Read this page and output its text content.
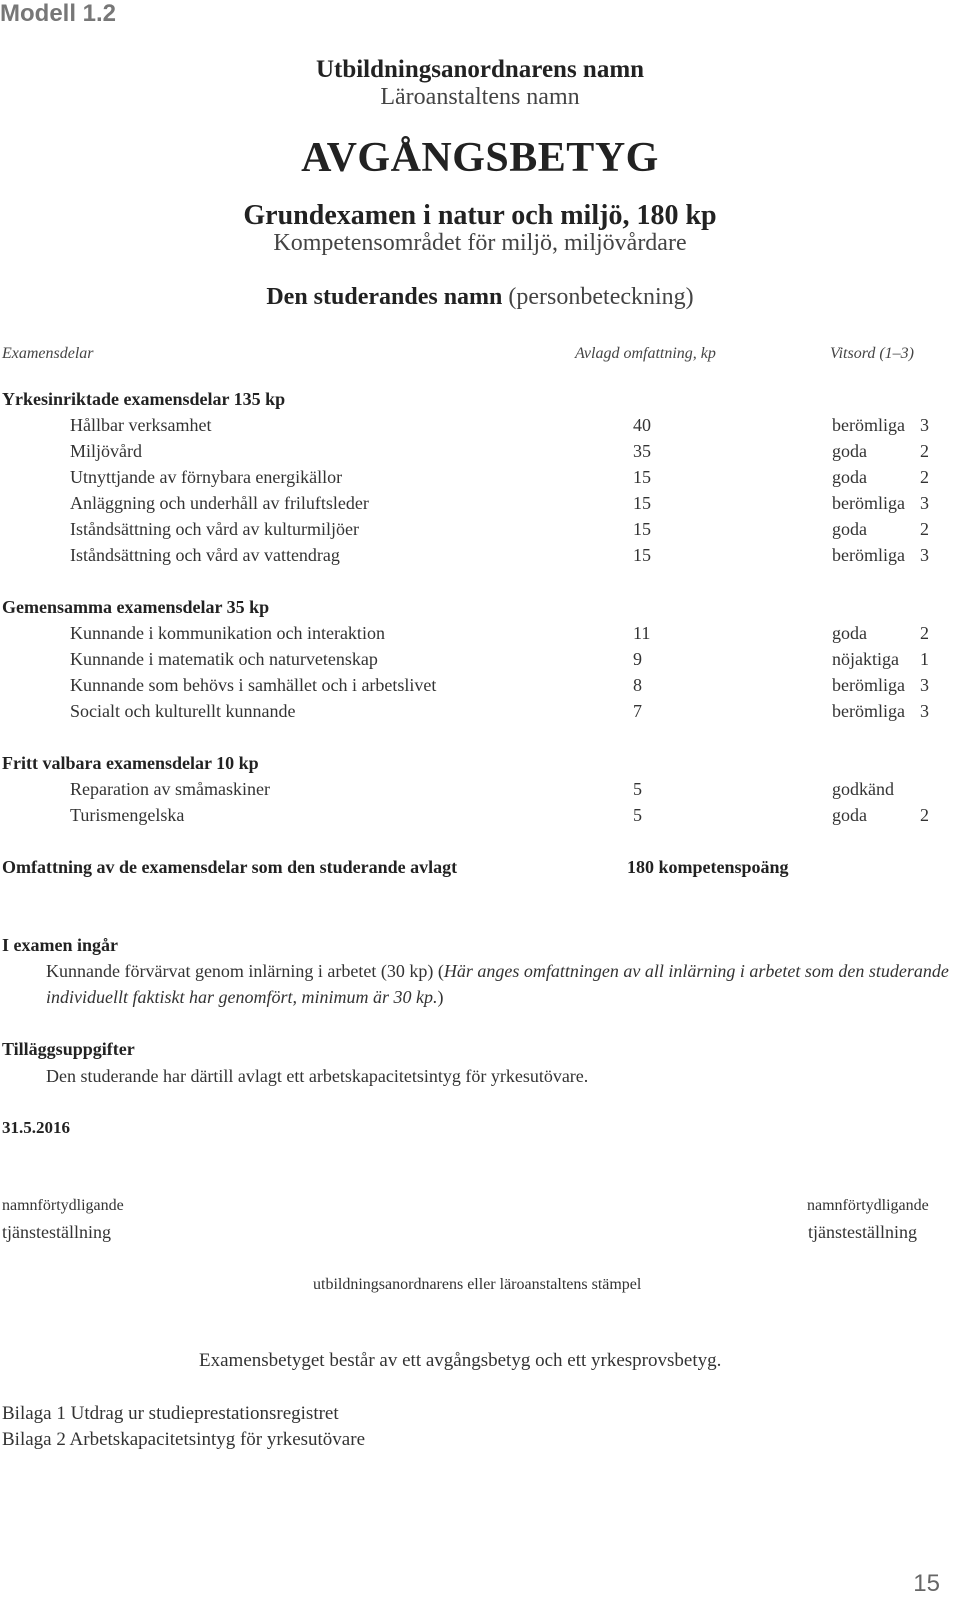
Modell 1.2
Utbildningsanordnarens namn
Läroanstaltens namn
AVGÅNGSBETYG
Grundexamen i natur och miljö, 180 kp
Kompetensområdet för miljö, miljövårdare
Den studerandes namn (personbeteckning)
Examensdelar	Avlagd omfattning, kp	Vitsord (1–3)
Yrkesinriktade examensdelar 135 kp
Hållbar verksamhet	40	berömliga 3
Miljövård	35	goda	2
Utnyttjande av förnybara energikällor	15	goda	2
Anläggning och underhåll av friluftsleder	15	berömliga 3
Iståndsättning och vård av kulturmiljöer	15	goda	2
Iståndsättning och vård av vattendrag	15	berömliga 3
Gemensamma examensdelar 35 kp
Kunnande i kommunikation och interaktion	11	goda	2
Kunnande i matematik och naturvetenskap	9	nöjaktiga 1
Kunnande som behövs i samhället och i arbetslivet	8	berömliga 3
Socialt och kulturellt kunnande	7	berömliga 3
Fritt valbara examensdelar 10 kp
Reparation av småmaskiner	5	godkänd
Turismengelska	5	goda	2
Omfattning av de examensdelar som den studerande avlagt	180 kompetenspoäng
I examen ingår
Kunnande förvärvat genom inlärning i arbetet (30 kp) (Här anges omfattningen av all inlärning i arbetet som den studerande
individuellt faktiskt har genomfört, minimum är 30 kp.)
Tilläggsuppgifter
Den studerande har därtill avlagt ett arbetskapacitetsintyg för yrkesutövare.
31.5.2016
namnförtydligande
tjänsteställning
namnförtydligande
tjänsteställning
utbildningsanordnarens eller läroanstaltens stämpel
Examensbetyget består av ett avgångsbetyg och ett yrkesprovsbetyg.
Bilaga 1 Utdrag ur studieprestationsregistret
Bilaga 2 Arbetskapacitetsintyg för yrkesutövare
15
